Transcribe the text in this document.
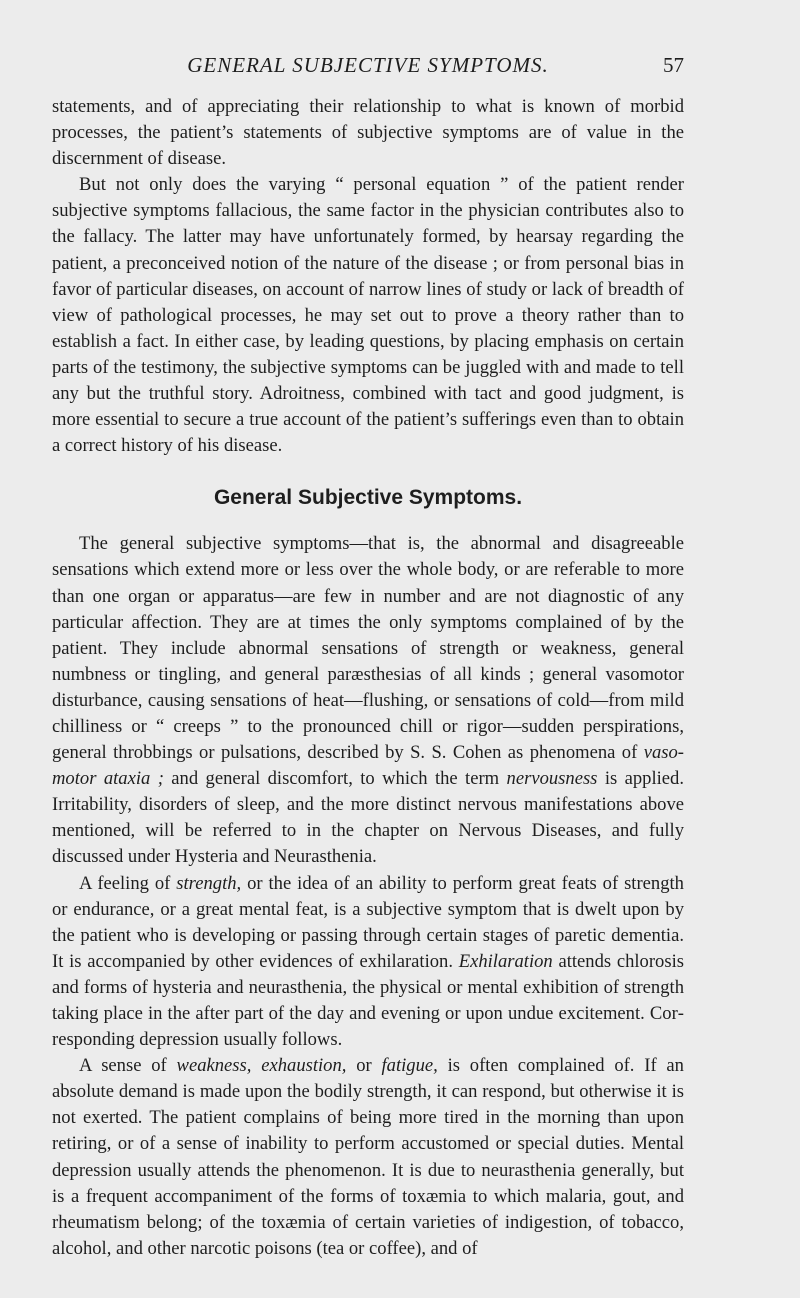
GENERAL SUBJECTIVE SYMPTOMS.	57

statements, and of appreciating their relationship to what is known of morbid processes, the patient’s statements of subjective symptoms are of value in the discernment of disease.

But not only does the varying “ personal equation ” of the patient render subjective symptoms fallacious, the same factor in the physician contributes also to the fallacy. The latter may have unfortunately formed, by hearsay regarding the patient, a preconceived notion of the nature of the disease ; or from personal bias in favor of particular diseases, on account of narrow lines of study or lack of breadth of view of pathological processes, he may set out to prove a theory rather than to establish a fact. In either case, by leading questions, by placing emphasis on certain parts of the testimony, the subjective symptoms can be juggled with and made to tell any but the truthful story. Adroitness, combined with tact and good judgment, is more essential to secure a true account of the patient’s sufferings even than to obtain a correct history of his disease.

General Subjective Symptoms.

The general subjective symptoms—that is, the abnormal and disagreeable sensations which extend more or less over the whole body, or are referable to more than one organ or apparatus—are few in number and are not diagnostic of any particular affection. They are at times the only symptoms complained of by the patient. They include abnormal sensations of strength or weakness, general numbness or tingling, and general paræsthesias of all kinds ; general vasomotor disturbance, causing sensations of heat—flushing, or sensations of cold—from mild chilliness or “ creeps ” to the pronounced chill or rigor—sudden perspirations, general throbbings or pulsations, described by S. S. Cohen as phenomena of vasomotor ataxia ; and general discomfort, to which the term nervousness is applied. Irritability, disorders of sleep, and the more distinct nervous manifestations above mentioned, will be referred to in the chapter on Nervous Diseases, and fully discussed under Hysteria and Neurasthenia.

A feeling of strength, or the idea of an ability to perform great feats of strength or endurance, or a great mental feat, is a subjective symptom that is dwelt upon by the patient who is developing or passing through certain stages of paretic dementia. It is accompanied by other evidences of exhilaration. Exhilaration attends chlorosis and forms of hysteria and neurasthenia, the physical or mental exhibition of strength taking place in the after part of the day and evening or upon undue excitement. Corresponding depression usually follows.

A sense of weakness, exhaustion, or fatigue, is often complained of. If an absolute demand is made upon the bodily strength, it can respond, but otherwise it is not exerted. The patient complains of being more tired in the morning than upon retiring, or of a sense of inability to perform accustomed or special duties. Mental depression usually attends the phenomenon. It is due to neurasthenia generally, but is a frequent accompaniment of the forms of toxæmia to which malaria, gout, and rheumatism belong; of the toxæmia of certain varieties of indigestion, of tobacco, alcohol, and other narcotic poisons (tea or coffee), and of
